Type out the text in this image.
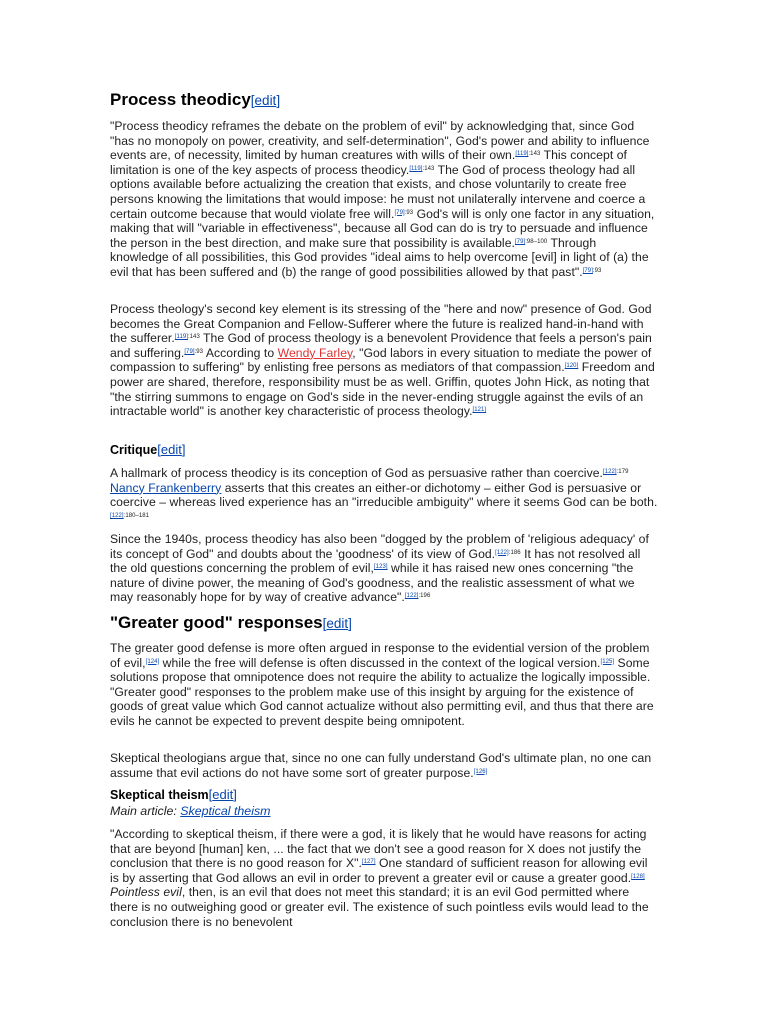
Process theodicy[edit]

"Process theodicy reframes the debate on the problem of evil" by acknowledging that, since God "has no monopoly on power, creativity, and self-determination", God's power and ability to influence events are, of necessity, limited by human creatures with wills of their own.$^{[119]:143}$ This concept of limitation is one of the key aspects of process theodicy.$^{[119]:143}$ The God of process theology had all options available before actualizing the creation that exists, and chose voluntarily to create free persons knowing the limitations that would impose: he must not unilaterally intervene and coerce a certain outcome because that would violate free will.$^{[79]:93}$ God's will is only one factor in any situation, making that will "variable in effectiveness", because all God can do is try to persuade and influence the person in the best direction, and make sure that possibility is available.$^{[79]:98-100}$ Through knowledge of all possibilities, this God provides "ideal aims to help overcome [evil] in light of (a) the evil that has been suffered and (b) the range of good possibilities allowed by that past".$^{[79]:93}$

Process theology's second key element is its stressing of the "here and now" presence of God. God becomes the Great Companion and Fellow-Sufferer where the future is realized hand-in-hand with the sufferer.$^{[119]:143}$ The God of process theology is a benevolent Providence that feels a person's pain and suffering.$^{[79]:93}$ According to Wendy Farley, "God labors in every situation to mediate the power of compassion to suffering" by enlisting free persons as mediators of that compassion.[120] Freedom and power are shared, therefore, responsibility must be as well. Griffin, quotes John Hick, as noting that "the stirring summons to engage on God's side in the never-ending struggle against the evils of an intractable world" is another key characteristic of process theology.[121]

Critique[edit]

A hallmark of process theodicy is its conception of God as persuasive rather than coercive.$^{[122]:179}$ Nancy Frankenberry asserts that this creates an either-or dichotomy – either God is persuasive or coercive – whereas lived experience has an "irreducible ambiguity" where it seems God can be both.$^{[122]:180-181}$

Since the 1940s, process theodicy has also been "dogged by the problem of 'religious adequacy' of its concept of God" and doubts about the 'goodness' of its view of God.$^{[122]:186}$ It has not resolved all the old questions concerning the problem of evil,[123] while it has raised new ones concerning "the nature of divine power, the meaning of God's goodness, and the realistic assessment of what we may reasonably hope for by way of creative advance".$^{[122]:196}$

"Greater good" responses[edit]

The greater good defense is more often argued in response to the evidential version of the problem of evil,[124] while the free will defense is often discussed in the context of the logical version.[125] Some solutions propose that omnipotence does not require the ability to actualize the logically impossible. "Greater good" responses to the problem make use of this insight by arguing for the existence of goods of great value which God cannot actualize without also permitting evil, and thus that there are evils he cannot be expected to prevent despite being omnipotent.

Skeptical theologians argue that, since no one can fully understand God's ultimate plan, no one can assume that evil actions do not have some sort of greater purpose.[126]

Skeptical theism[edit]
Main article: Skeptical theism

"According to skeptical theism, if there were a god, it is likely that he would have reasons for acting that are beyond [human] ken, ... the fact that we don't see a good reason for X does not justify the conclusion that there is no good reason for X".[127] One standard of sufficient reason for allowing evil is by asserting that God allows an evil in order to prevent a greater evil or cause a greater good.[128] Pointless evil, then, is an evil that does not meet this standard; it is an evil God permitted where there is no outweighing good or greater evil. The existence of such pointless evils would lead to the conclusion there is no benevolent
